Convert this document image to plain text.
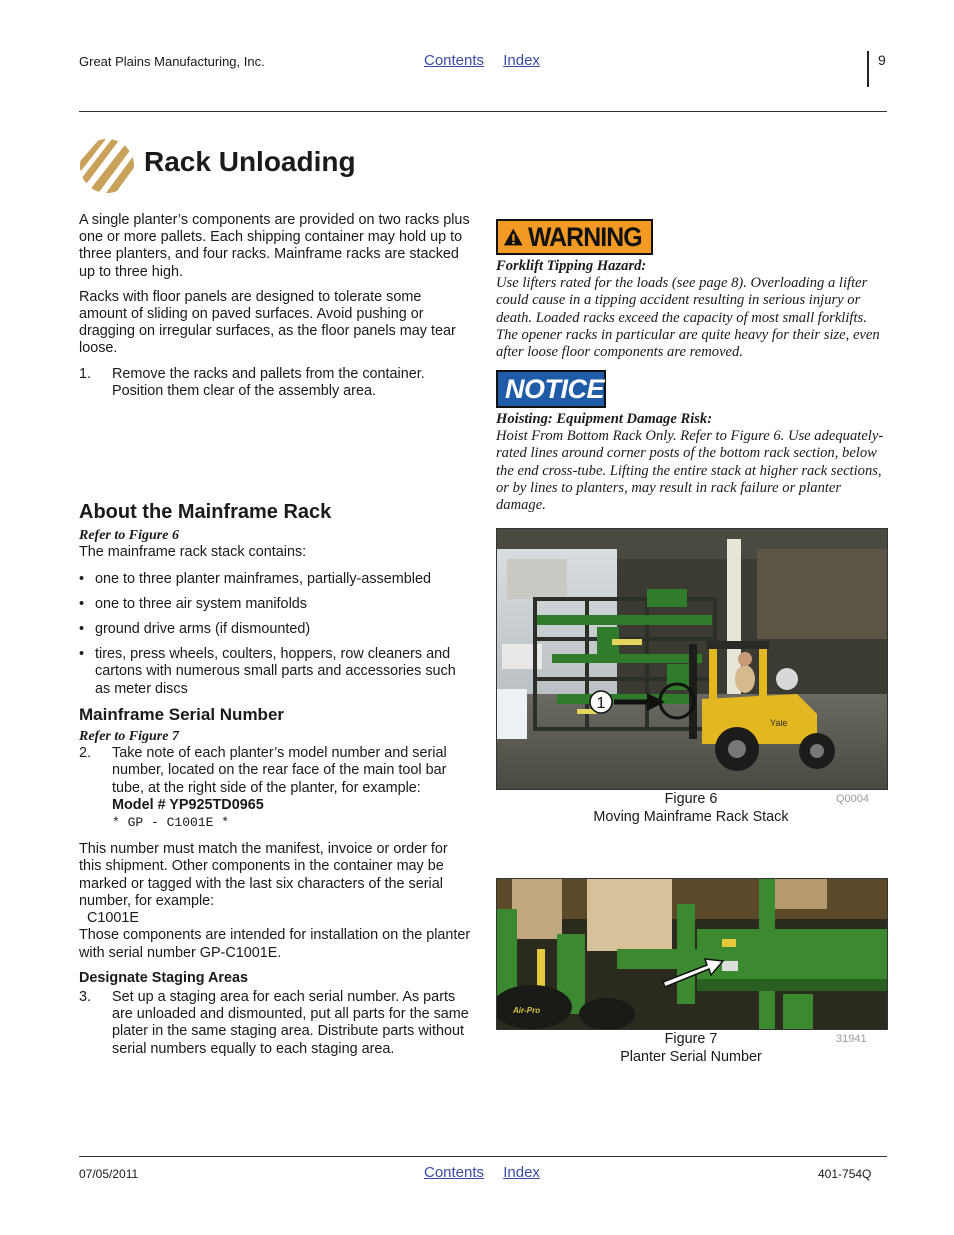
Great Plains Manufacturing, Inc.	Contents Index	9
Rack Unloading

A single planter’s components are provided on two racks plus one or more pallets. Each shipping container may hold up to three planters, and four racks. Mainframe racks are stacked up to three high.

Racks with floor panels are designed to tolerate some amount of sliding on paved surfaces. Avoid pushing or dragging on irregular surfaces, as the floor panels may tear loose.

1.	Remove the racks and pallets from the container. Position them clear of the assembly area.
About the Mainframe Rack
Refer to Figure 6

The mainframe rack stack contains:

• one to three planter mainframes, partially-assembled
• one to three air system manifolds
• ground drive arms (if dismounted)
• tires, press wheels, coulters, hoppers, row cleaners and cartons with numerous small parts and accessories such as meter discs
Mainframe Serial Number
Refer to Figure 7
2.	Take note of each planter’s model number and serial number, located on the rear face of the main tool bar tube, at the right side of the planter, for example:
Model # YP925TD0965
* GP - C1001E *
This number must match the manifest, invoice or order for this shipment. Other components in the container may be marked or tagged with the last six characters of the serial number, for example:
C1001E
Those components are intended for installation on the planter with serial number GP-C1001E.
Designate Staging Areas
3.	Set up a staging area for each serial number. As parts are unloaded and dismounted, put all parts for the same plater in the same staging area. Distribute parts without serial numbers equally to each staging area.
WARNING
Forklift Tipping Hazard:
Use lifters rated for the loads (see page 8). Overloading a lifter could cause in a tipping accident resulting in serious injury or death. Loaded racks exceed the capacity of most small forklifts. The opener racks in particular are quite heavy for their size, even after loose floor components are removed.
NOTICE
Hoisting: Equipment Damage Risk:
Hoist From Bottom Rack Only. Refer to Figure 6. Use adequately-rated lines around corner posts of the bottom rack section, below the end cross-tube. Lifting the entire stack at higher rack sections, or by lines to planters, may result in rack failure or planter damage.
Yale
1
Figure 6
Moving Mainframe Rack Stack
Q0004
Air-Pro
Figure 7
Planter Serial Number
31941
07/05/2011	Contents Index	401-754Q
